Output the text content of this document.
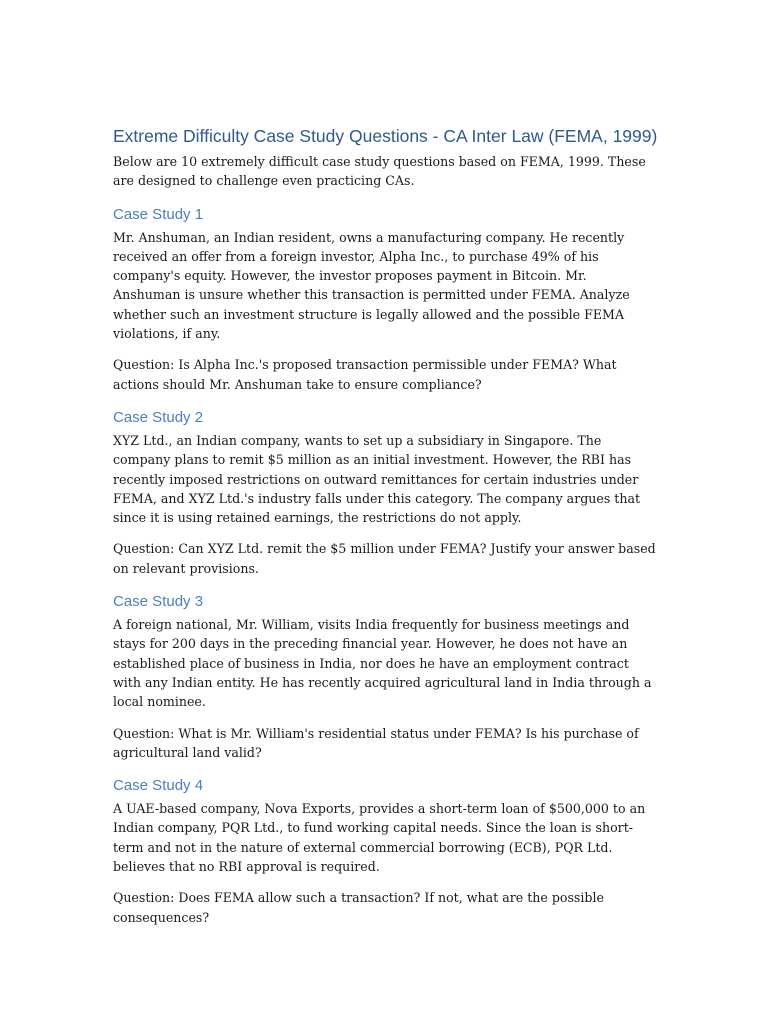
Extreme Difficulty Case Study Questions - CA Inter Law (FEMA, 1999)

Below are 10 extremely difficult case study questions based on FEMA, 1999. These are designed to challenge even practicing CAs.

Case Study 1

Mr. Anshuman, an Indian resident, owns a manufacturing company. He recently received an offer from a foreign investor, Alpha Inc., to purchase 49% of his company's equity. However, the investor proposes payment in Bitcoin. Mr. Anshuman is unsure whether this transaction is permitted under FEMA. Analyze whether such an investment structure is legally allowed and the possible FEMA violations, if any.

Question: Is Alpha Inc.'s proposed transaction permissible under FEMA? What actions should Mr. Anshuman take to ensure compliance?

Case Study 2

XYZ Ltd., an Indian company, wants to set up a subsidiary in Singapore. The company plans to remit $5 million as an initial investment. However, the RBI has recently imposed restrictions on outward remittances for certain industries under FEMA, and XYZ Ltd.'s industry falls under this category. The company argues that since it is using retained earnings, the restrictions do not apply.

Question: Can XYZ Ltd. remit the $5 million under FEMA? Justify your answer based on relevant provisions.

Case Study 3

A foreign national, Mr. William, visits India frequently for business meetings and stays for 200 days in the preceding financial year. However, he does not have an established place of business in India, nor does he have an employment contract with any Indian entity. He has recently acquired agricultural land in India through a local nominee.

Question: What is Mr. William's residential status under FEMA? Is his purchase of agricultural land valid?

Case Study 4

A UAE-based company, Nova Exports, provides a short-term loan of $500,000 to an Indian company, PQR Ltd., to fund working capital needs. Since the loan is short-term and not in the nature of external commercial borrowing (ECB), PQR Ltd. believes that no RBI approval is required.

Question: Does FEMA allow such a transaction? If not, what are the possible consequences?
